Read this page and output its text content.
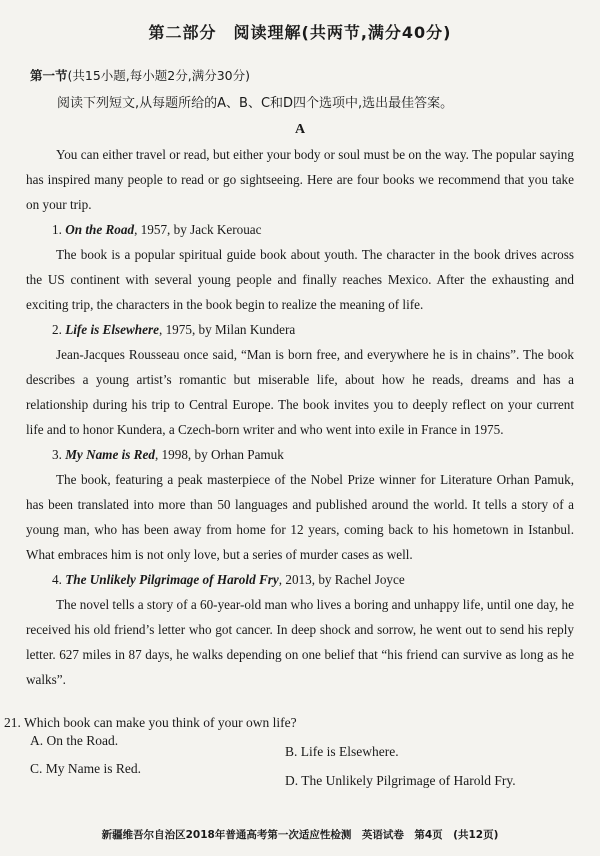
第二部分　阅读理解(共两节,满分40分)
第一节(共15小题,每小题2分,满分30分)
阅读下列短文,从每题所给的A、B、C和D四个选项中,选出最佳答案。
A

You can either travel or read, but either your body or soul must be on the way. The popular saying has inspired many people to read or go sightseeing. Here are four books we recommend that you take on your trip.

1. On the Road, 1957, by Jack Kerouac

The book is a popular spiritual guide book about youth. The character in the book drives across the US continent with several young people and finally reaches Mexico. After the exhausting and exciting trip, the characters in the book begin to realize the meaning of life.

2. Life is Elsewhere, 1975, by Milan Kundera

Jean-Jacques Rousseau once said, “Man is born free, and everywhere he is in chains”. The book describes a young artist’s romantic but miserable life, about how he reads, dreams and has a relationship during his trip to Central Europe. The book invites you to deeply reflect on your current life and to honor Kundera, a Czech-born writer and who went into exile in France in 1975.

3. My Name is Red, 1998, by Orhan Pamuk

The book, featuring a peak masterpiece of the Nobel Prize winner for Literature Orhan Pamuk, has been translated into more than 50 languages and published around the world. It tells a story of a young man, who has been away from home for 12 years, coming back to his hometown in Istanbul. What embraces him is not only love, but a series of murder cases as well.

4. The Unlikely Pilgrimage of Harold Fry, 2013, by Rachel Joyce

The novel tells a story of a 60-year-old man who lives a boring and unhappy life, until one day, he received his old friend’s letter who got cancer. In deep shock and sorrow, he went out to send his reply letter. 627 miles in 87 days, he walks depending on one belief that “his friend can survive as long as he walks”.

21. Which book can make you think of your own life?
A. On the Road.
B. Life is Elsewhere.
C. My Name is Red.
D. The Unlikely Pilgrimage of Harold Fry.
新疆维吾尔自治区2018年普通高考第一次适应性检测　英语试卷　第4页　(共12页)
